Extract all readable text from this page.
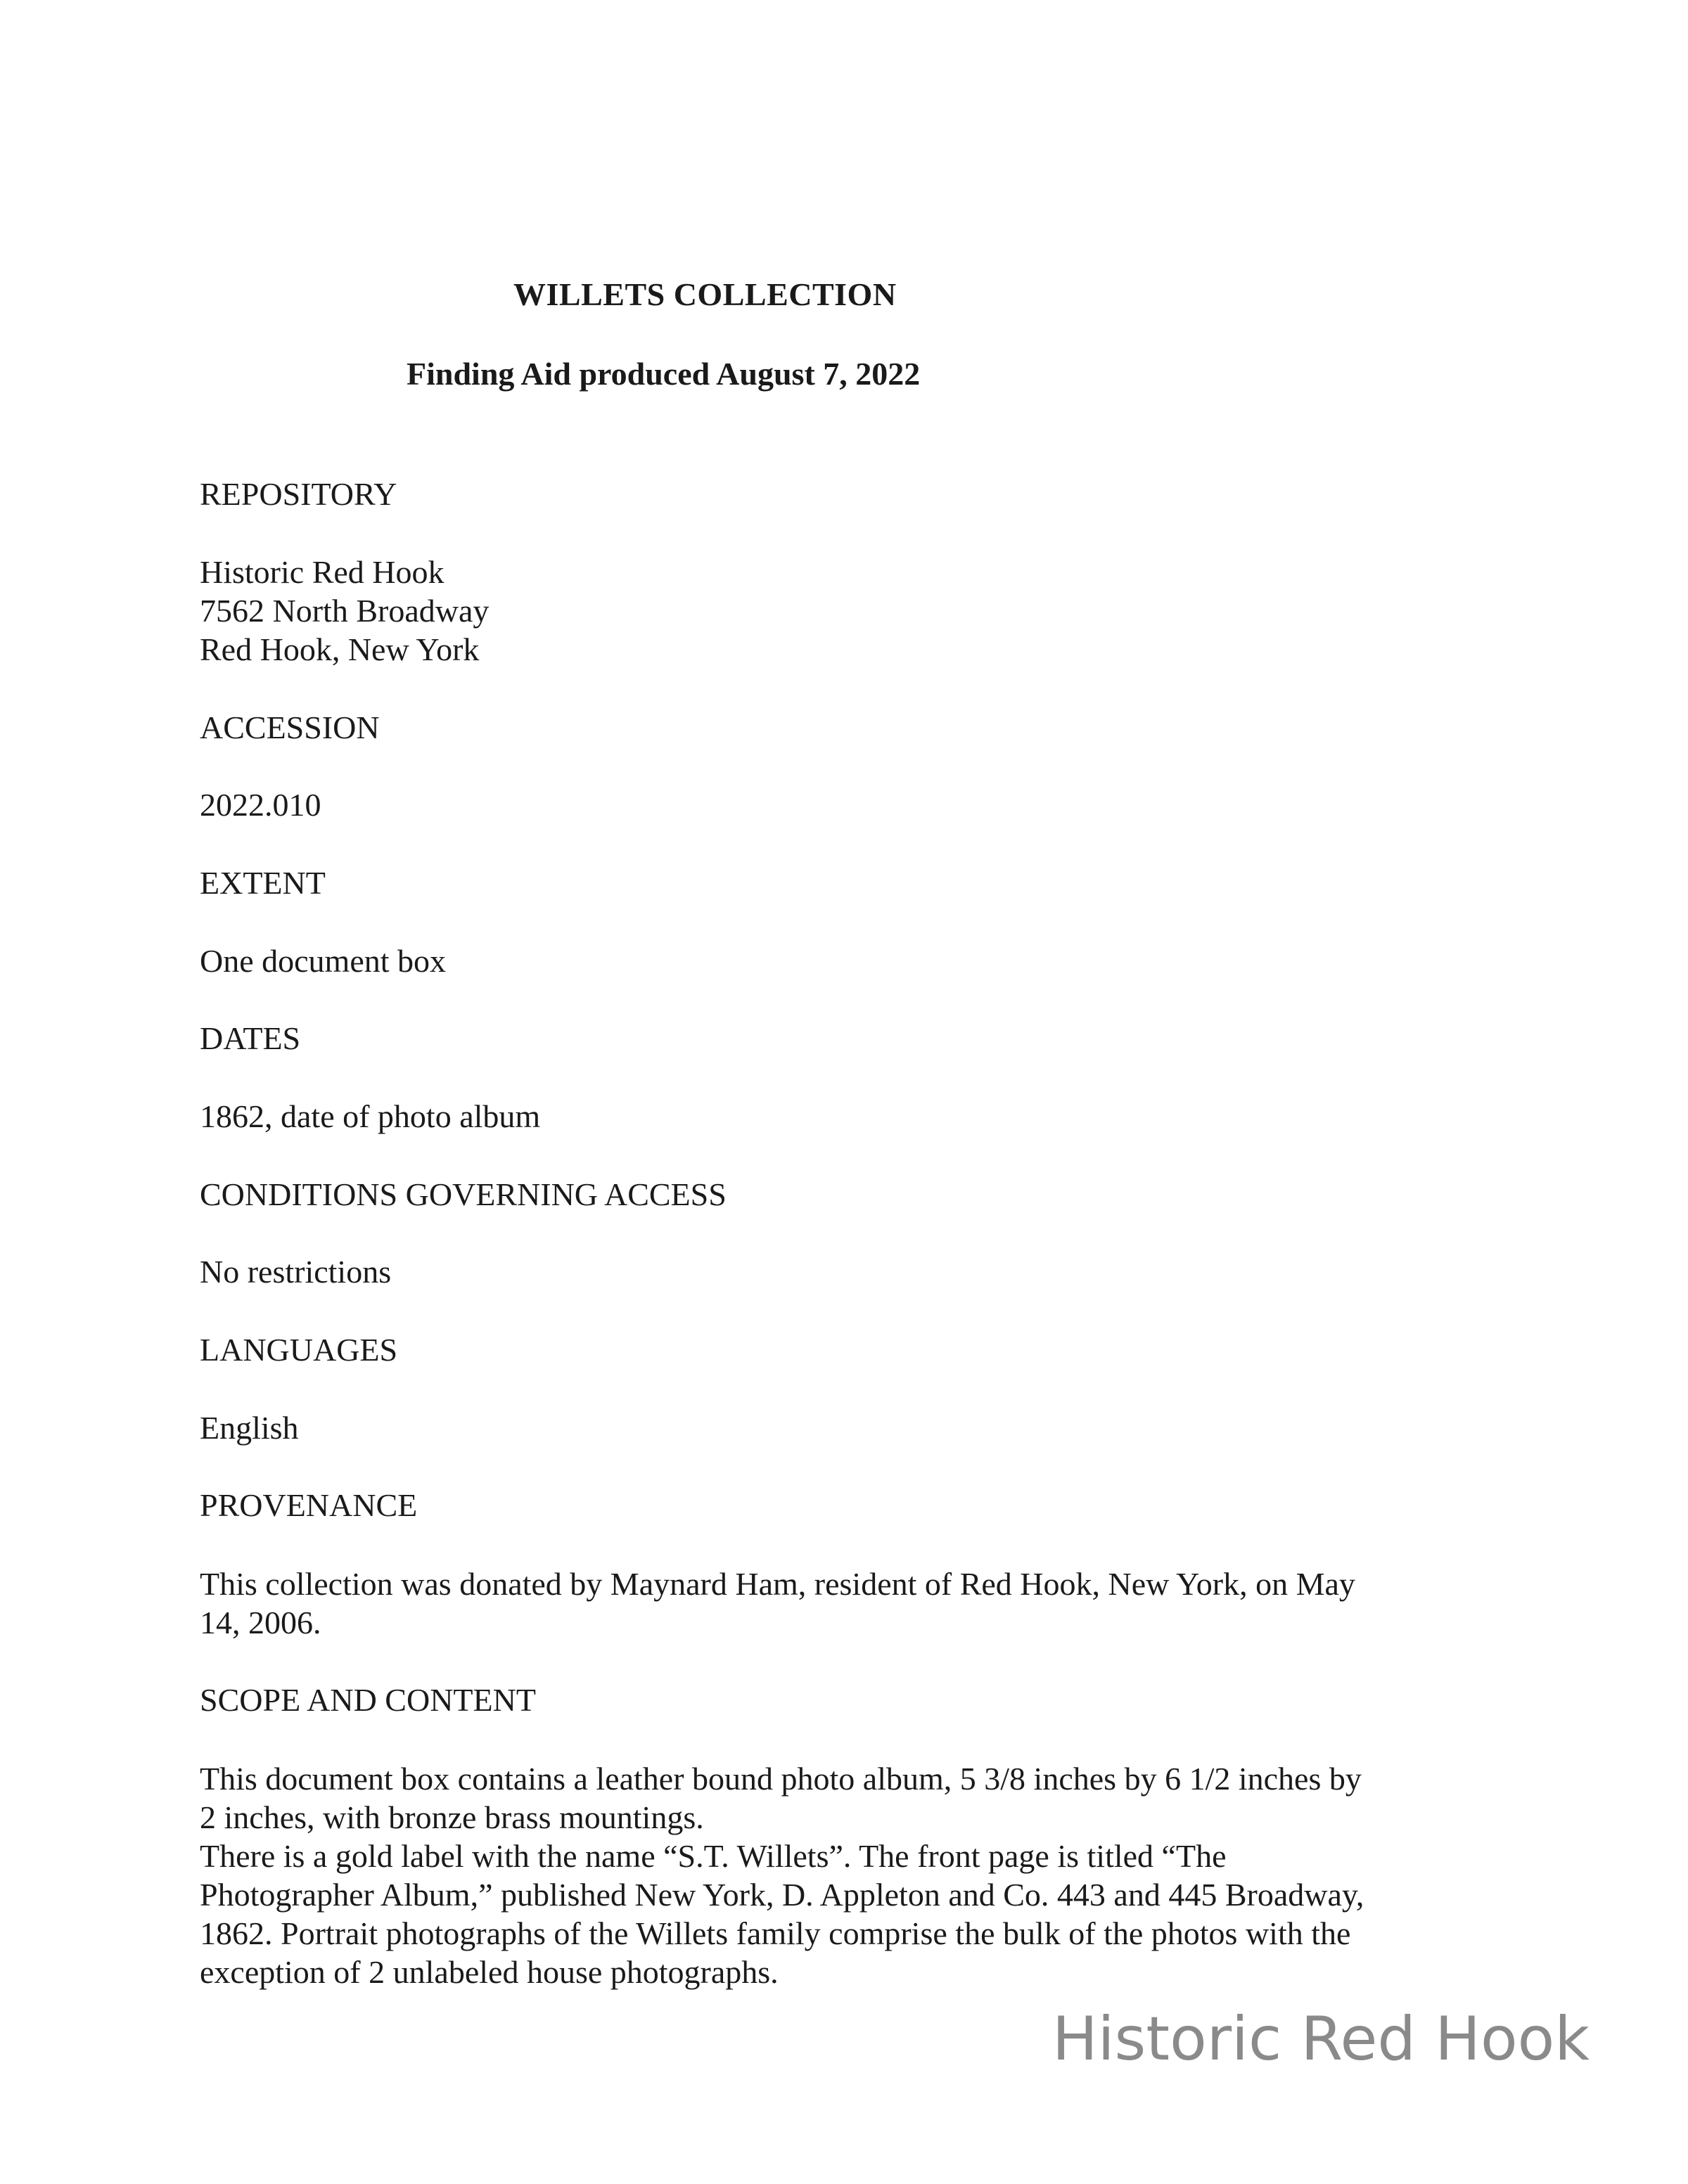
WILLETS COLLECTION
Finding Aid produced August 7, 2022
REPOSITORY
Historic Red Hook
7562 North Broadway
Red Hook, New York
ACCESSION
2022.010
EXTENT
One document box
DATES
1862, date of photo album
CONDITIONS GOVERNING ACCESS
No restrictions
LANGUAGES
English
PROVENANCE
This collection was donated by Maynard Ham, resident of Red Hook, New York, on May
14, 2006.
SCOPE AND CONTENT
This document box contains a leather bound photo album, 5 3/8 inches by 6 1/2 inches by
2 inches, with bronze brass mountings.
There is a gold label with the name “S.T. Willets”. The front page is titled “The
Photographer Album,” published New York, D. Appleton and Co. 443 and 445 Broadway,
1862. Portrait photographs of the Willets family comprise the bulk of the photos with the
exception of 2 unlabeled house photographs.
Historic Red Hook
